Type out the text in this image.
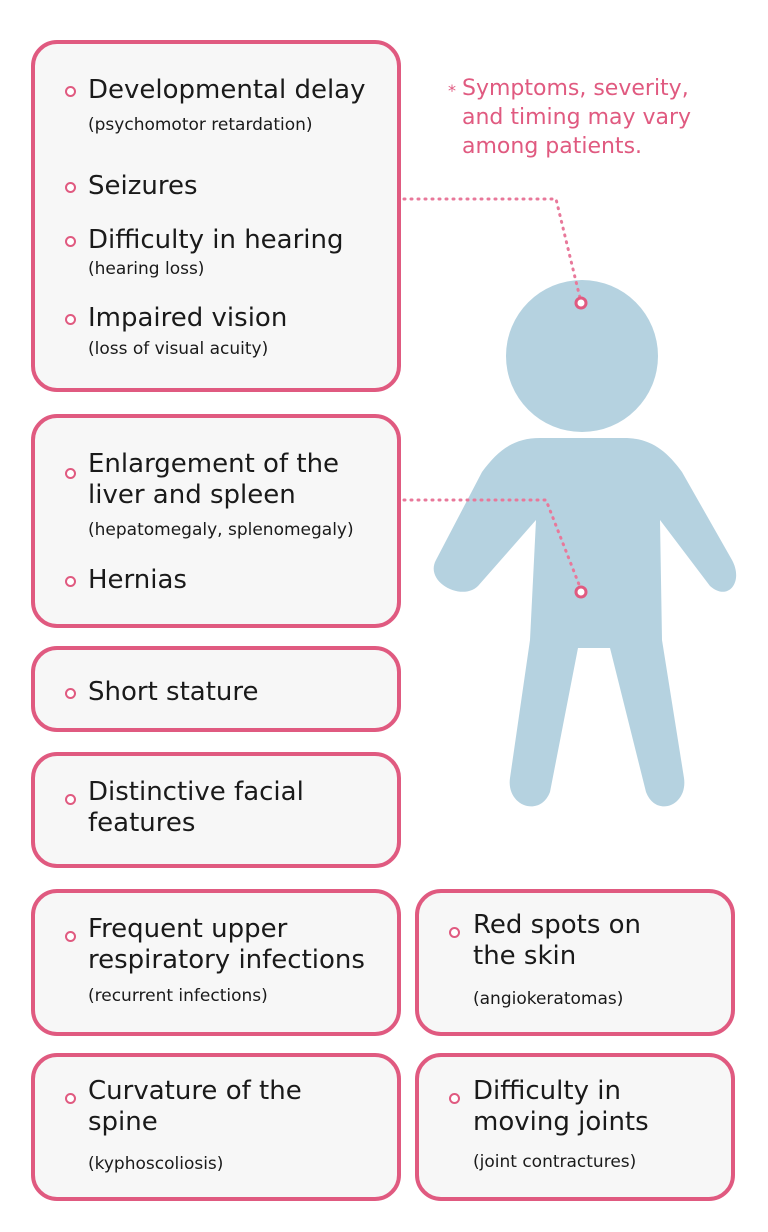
* Symptoms, severity,
and timing may vary
among patients.
Developmental delay
(psychomotor retardation)
Seizures
Difficulty in hearing
(hearing loss)
Impaired vision
(loss of visual acuity)
Enlargement of the
liver and spleen
(hepatomegaly, splenomegaly)
Hernias
Short stature
Distinctive facial
features
Frequent upper
respiratory infections
(recurrent infections)
Red spots on
the skin
(angiokeratomas)
Curvature of the
spine
(kyphoscoliosis)
Difficulty in
moving joints
(joint contractures)
